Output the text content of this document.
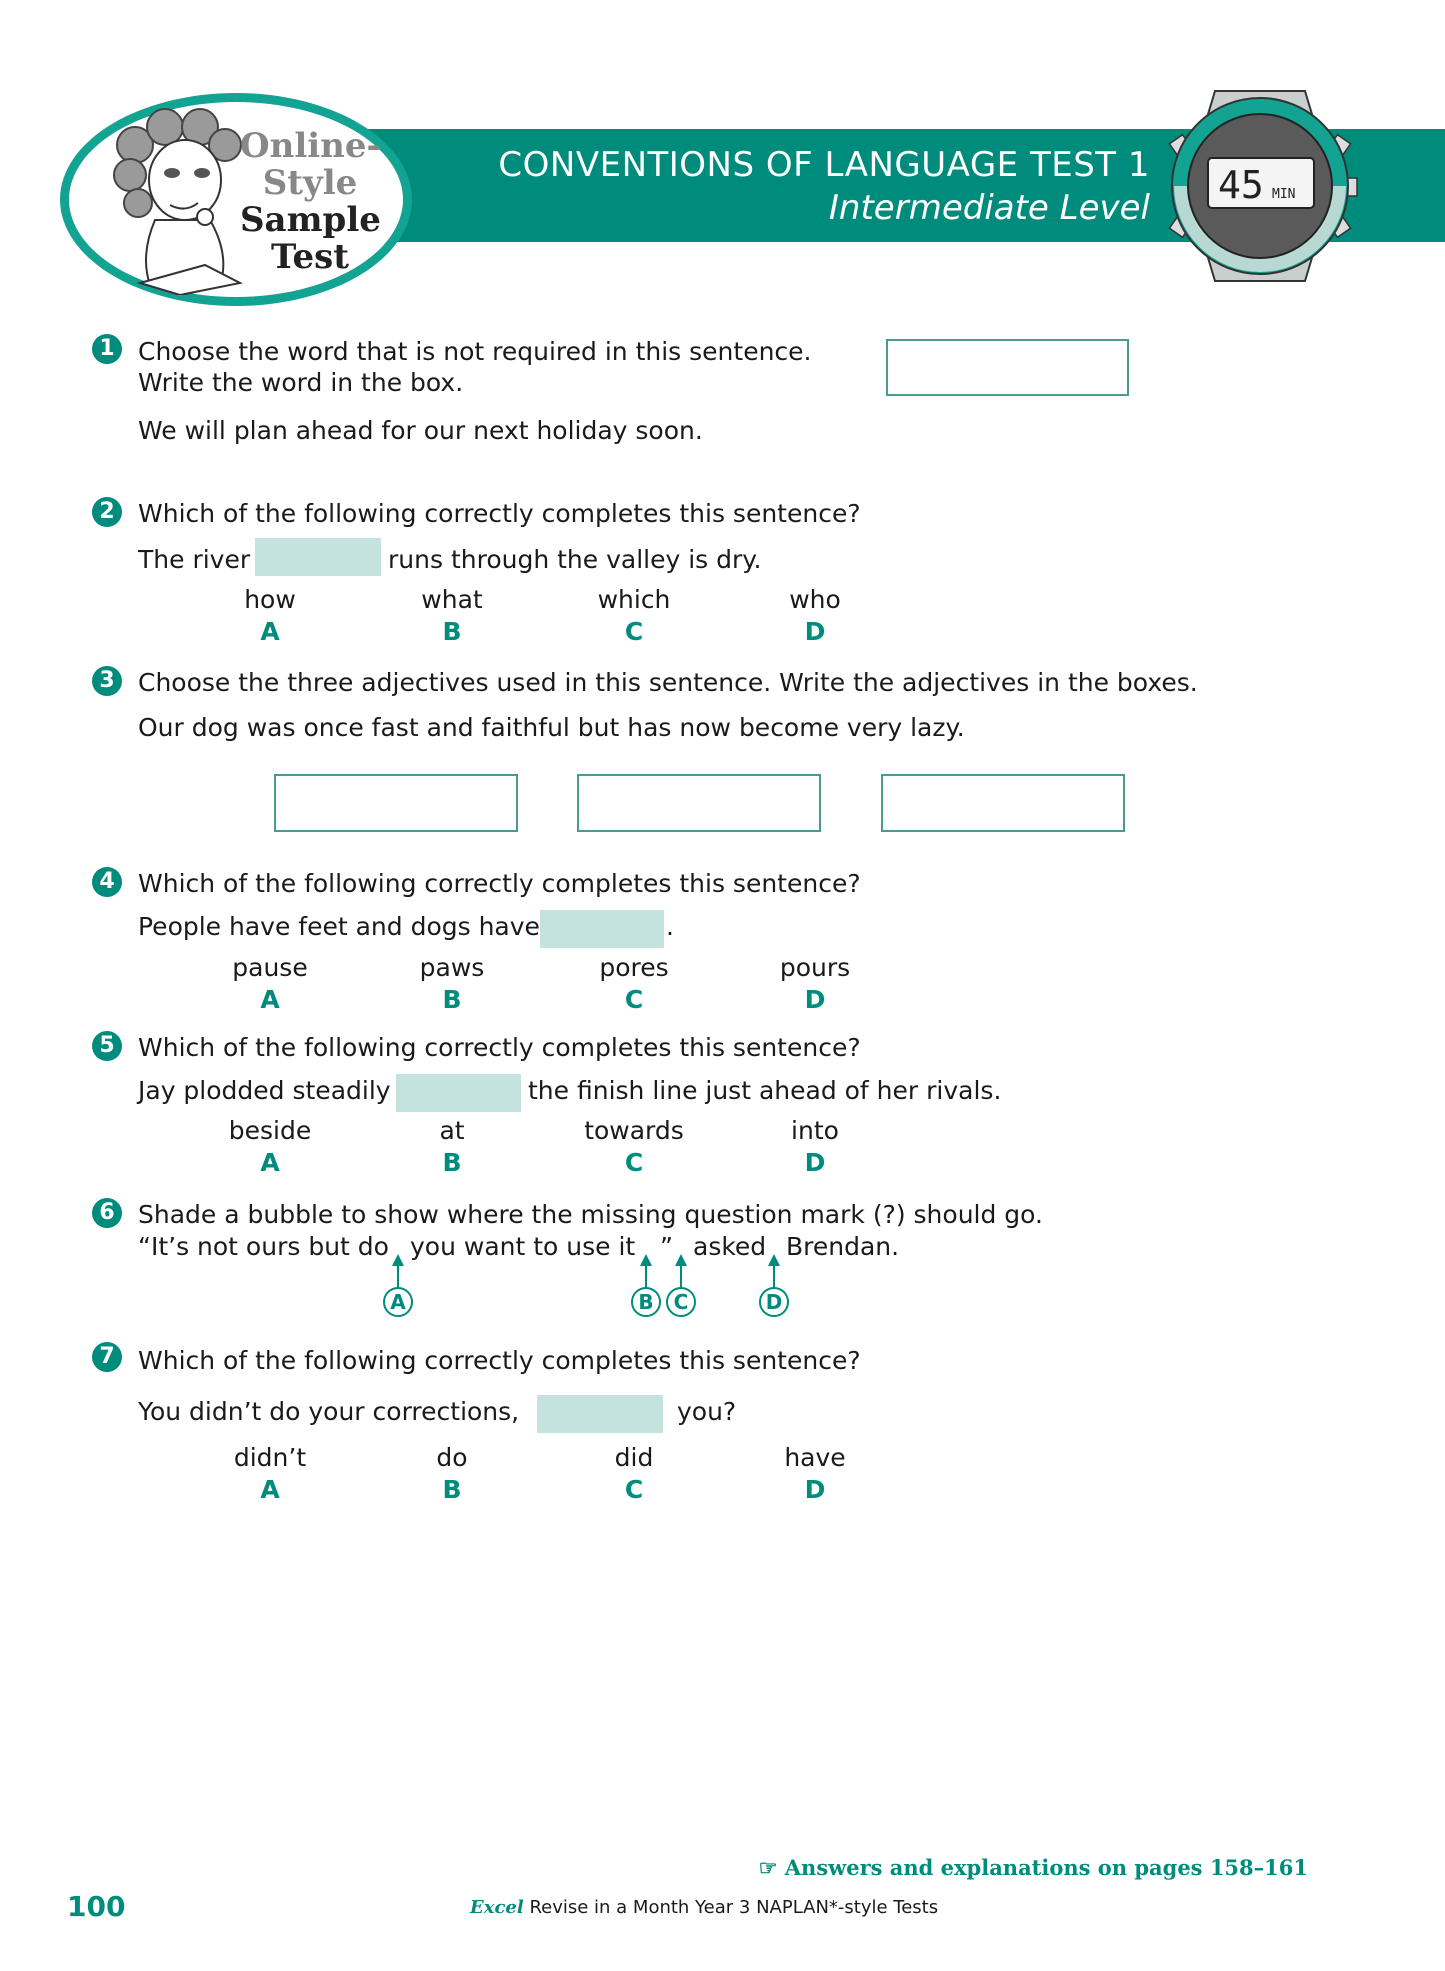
CONVENTIONS OF LANGUAGE TEST 1
Intermediate Level
Online-
Style
Sample
Test
45 MIN
1 Choose the word that is not required in this sentence.
Write the word in the box.
We will plan ahead for our next holiday soon.
2 Which of the following correctly completes this sentence?
The river	runs through the valley is dry.
how	what	which	who
A	B	C	D
3 Choose the three adjectives used in this sentence. Write the adjectives in the boxes.
Our dog was once fast and faithful but has now become very lazy.
4 Which of the following correctly completes this sentence?
People have feet and dogs have	.
pause	paws	pores	pours
A	B	C	D
5 Which of the following correctly completes this sentence?
Jay plodded steadily	the finish line just ahead of her rivals.
beside	at	towards	into
A	B	C	D
6 Shade a bubble to show where the missing question mark (?) should go.
“It’s not ours but do you want to use it ” asked Brendan.
A	B	C	D
7 Which of the following correctly completes this sentence?
You didn’t do your corrections,	you?
didn’t	do	did	have
A	B	C	D
☞ Answers and explanations on pages 158–161
100	Excel Revise in a Month Year 3 NAPLAN*-style Tests
